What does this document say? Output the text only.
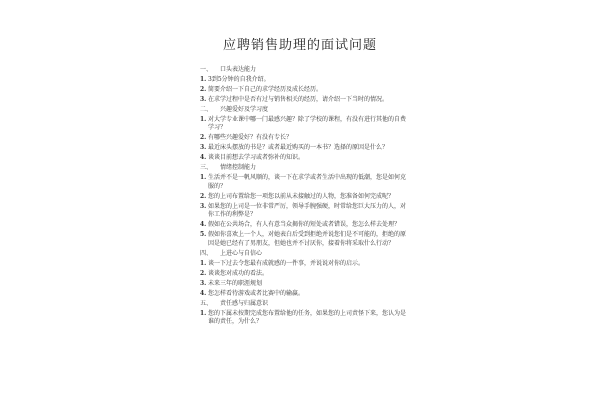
应聘销售助理的面试问题
一、	口头表达能力
1. 3到5分钟的自我介绍。
2. 简要介绍一下自己的求学经历及成长经历。
3. 在求学过程中是否有过与销售相关的经历，请介绍一下当时的情况。
二、	兴趣爱好及学习度
1. 对大学专业课中哪一门最感兴趣？除了学校的课程，有没有进行其他的自费学习？
2. 有哪些兴趣爱好？有没有专长？
3. 最近床头摆放的书是？或者最近购买的一本书？选择的原因是什么？
4. 谈谈目前想去学习或者弥补的知识。
三、	情绪控制能力
1. 生活并不是一帆风顺的，谈一下在求学或者生活中出现的低潮，您是如何克服的？
2. 您的上司布置给您一项您以前从未接触过的人物，您准备如何完成呢？
3. 如果您的上司是一位非常严厉，领导手腕强硬，时常给您巨大压力的人，对你工作的利弊是？
4. 假如在公共场合，有人有意当众揭你的短处或者错误，您怎么样去处理？
5. 假如你喜欢上一个人，对她表白后受到拒绝并说您们是不可能的，拒绝的原因是她已经有了男朋友，但她也并不讨厌你，接着你将采取什么行动？
四、	上进心与自信心
1. 谈一下过去令您最有成就感的一件事，并说说对你的启示。
2. 谈谈您对成功的看法。
3. 未来三年的职涯规划
4. 您怎样看待游戏或者比赛中的输赢。
五、	责任感与归属意识
1. 您的下属未按期完成您布置给他的任务，如果您的上司责怪下来，您认为是谁的责任，为什么？
